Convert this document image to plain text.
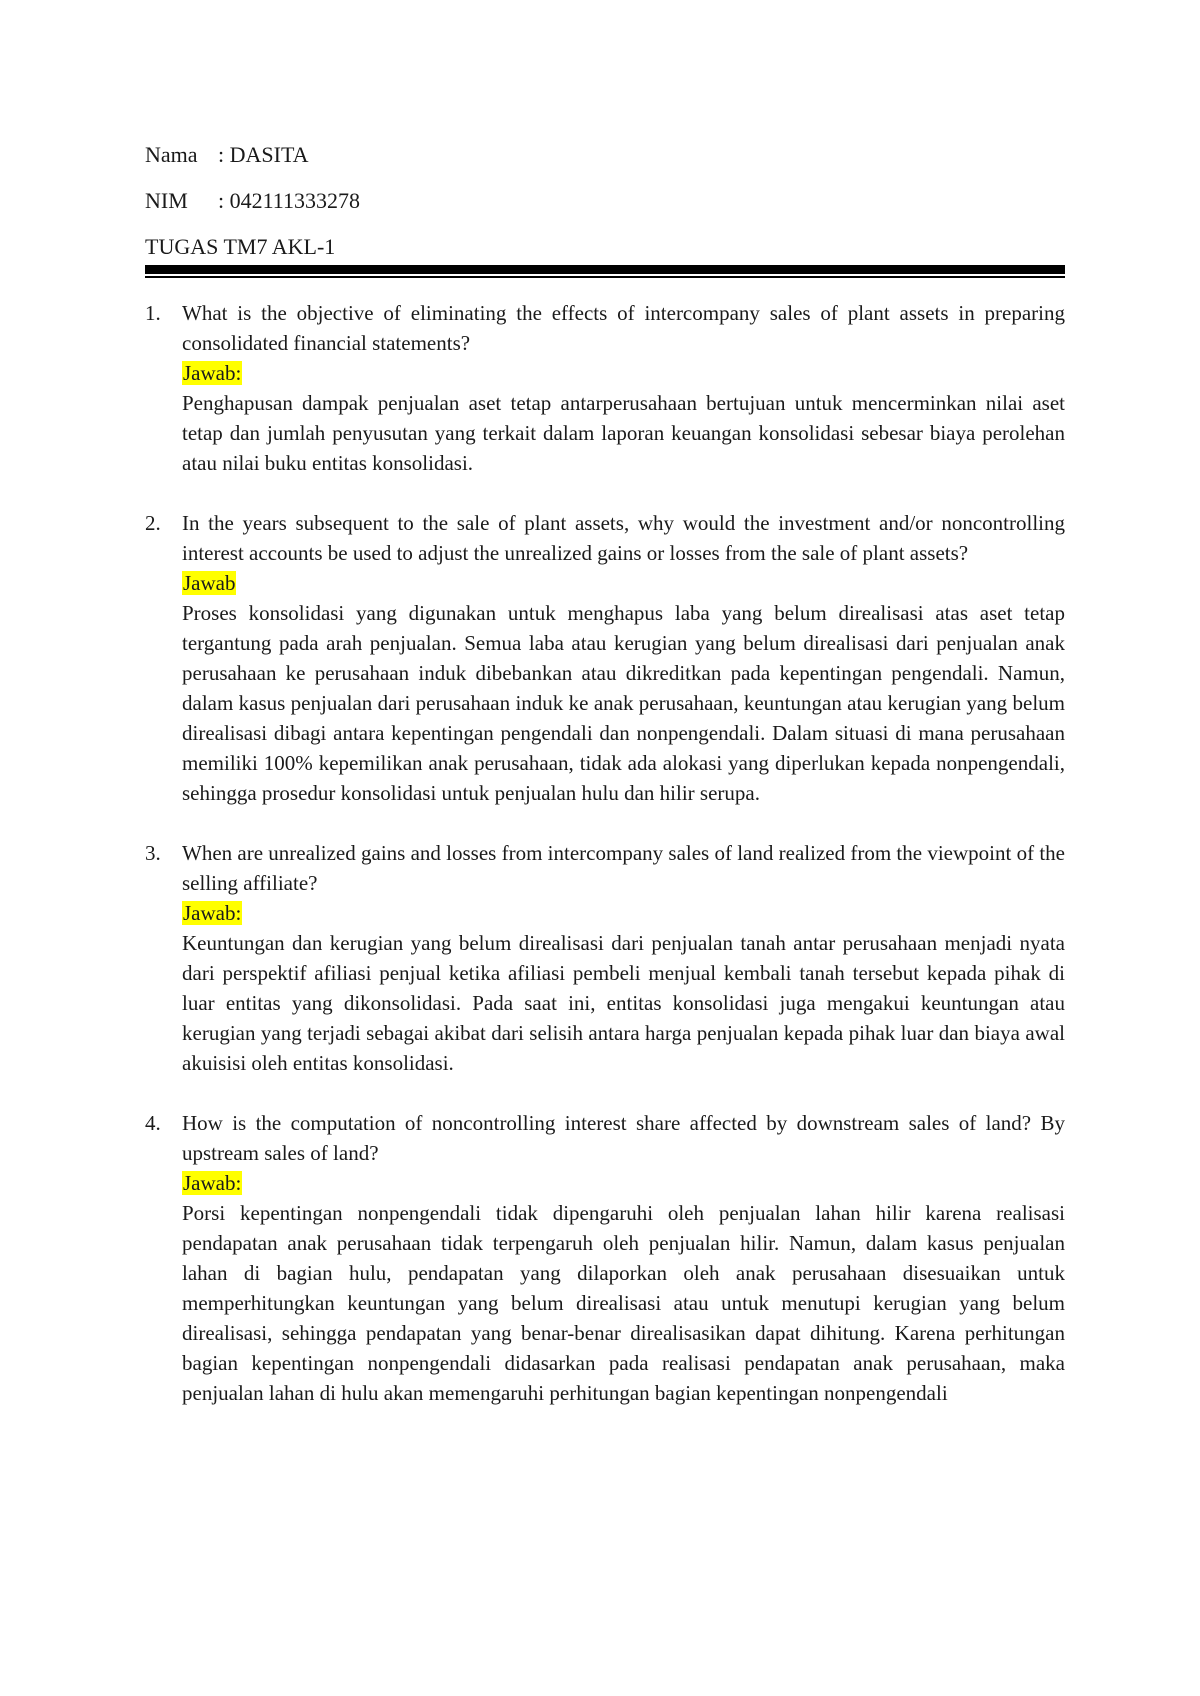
Nama : DASITA
NIM : 042111333278
TUGAS TM7 AKL-1
1. What is the objective of eliminating the effects of intercompany sales of plant assets in preparing consolidated financial statements?

Jawab:

Penghapusan dampak penjualan aset tetap antarperusahaan bertujuan untuk mencerminkan nilai aset tetap dan jumlah penyusutan yang terkait dalam laporan keuangan konsolidasi sebesar biaya perolehan atau nilai buku entitas konsolidasi.

2. In the years subsequent to the sale of plant assets, why would the investment and/or noncontrolling interest accounts be used to adjust the unrealized gains or losses from the sale of plant assets?

Jawab

Proses konsolidasi yang digunakan untuk menghapus laba yang belum direalisasi atas aset tetap tergantung pada arah penjualan. Semua laba atau kerugian yang belum direalisasi dari penjualan anak perusahaan ke perusahaan induk dibebankan atau dikreditkan pada kepentingan pengendali. Namun, dalam kasus penjualan dari perusahaan induk ke anak perusahaan, keuntungan atau kerugian yang belum direalisasi dibagi antara kepentingan pengendali dan nonpengendali. Dalam situasi di mana perusahaan memiliki 100% kepemilikan anak perusahaan, tidak ada alokasi yang diperlukan kepada nonpengendali, sehingga prosedur konsolidasi untuk penjualan hulu dan hilir serupa.

3. When are unrealized gains and losses from intercompany sales of land realized from the viewpoint of the selling affiliate?

Jawab:

Keuntungan dan kerugian yang belum direalisasi dari penjualan tanah antar perusahaan menjadi nyata dari perspektif afiliasi penjual ketika afiliasi pembeli menjual kembali tanah tersebut kepada pihak di luar entitas yang dikonsolidasi. Pada saat ini, entitas konsolidasi juga mengakui keuntungan atau kerugian yang terjadi sebagai akibat dari selisih antara harga penjualan kepada pihak luar dan biaya awal akuisisi oleh entitas konsolidasi.

4. How is the computation of noncontrolling interest share affected by downstream sales of land? By upstream sales of land?

Jawab:

Porsi kepentingan nonpengendali tidak dipengaruhi oleh penjualan lahan hilir karena realisasi pendapatan anak perusahaan tidak terpengaruh oleh penjualan hilir. Namun, dalam kasus penjualan lahan di bagian hulu, pendapatan yang dilaporkan oleh anak perusahaan disesuaikan untuk memperhitungkan keuntungan yang belum direalisasi atau untuk menutupi kerugian yang belum direalisasi, sehingga pendapatan yang benar-benar direalisasikan dapat dihitung. Karena perhitungan bagian kepentingan nonpengendali didasarkan pada realisasi pendapatan anak perusahaan, maka penjualan lahan di hulu akan memengaruhi perhitungan bagian kepentingan nonpengendali
